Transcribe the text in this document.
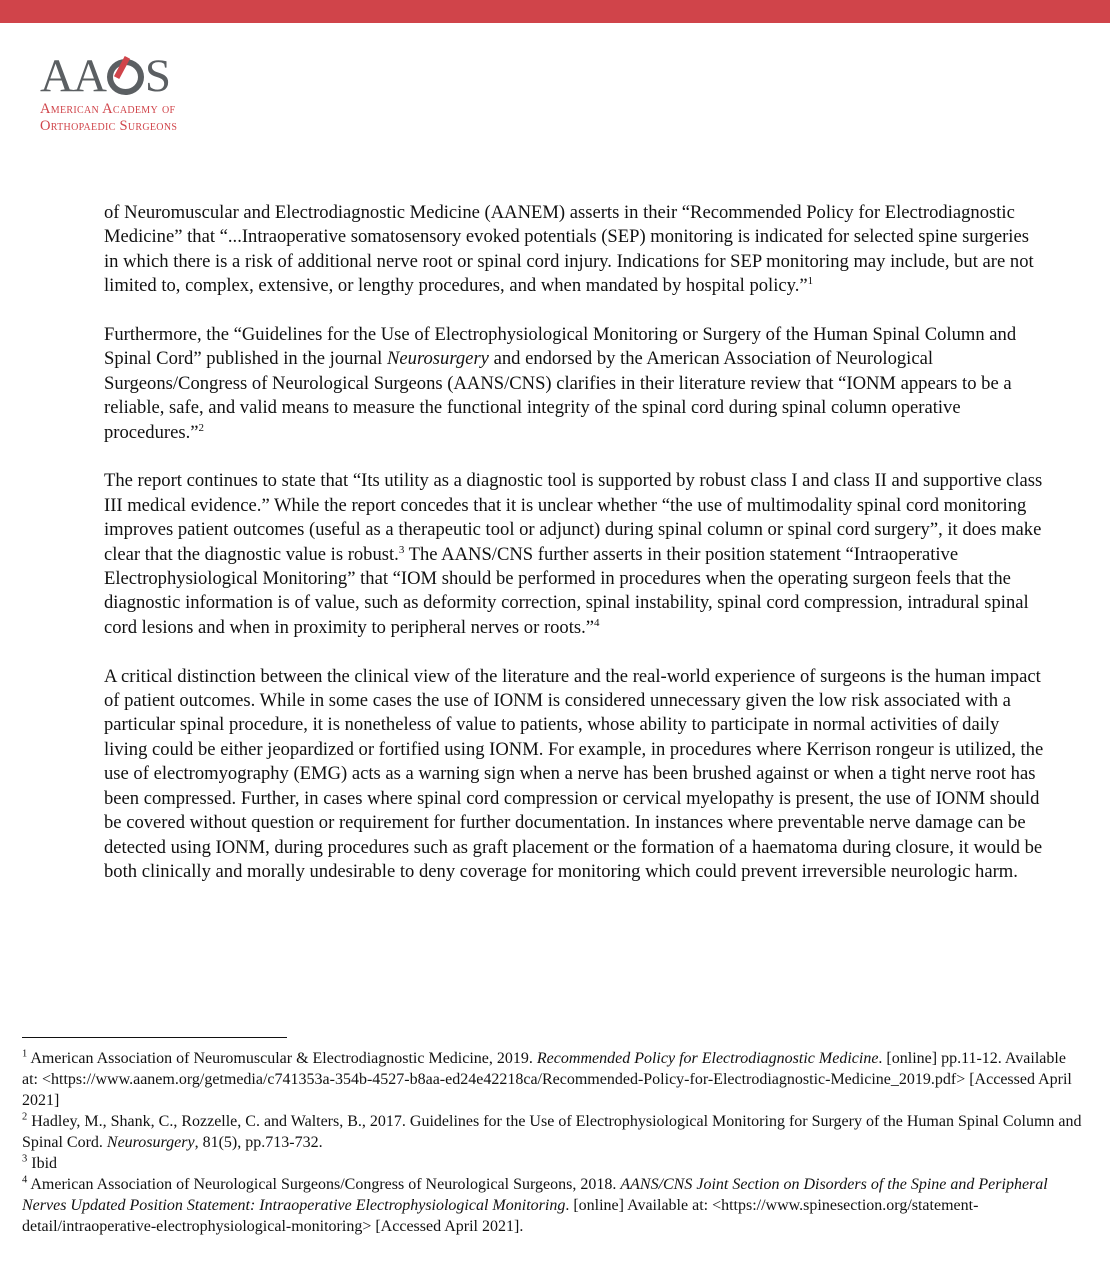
AA S
American Academy of
Orthopaedic Surgeons

of Neuromuscular and Electrodiagnostic Medicine (AANEM) asserts in their “Recommended Policy for Electrodiagnostic Medicine” that “...Intraoperative somatosensory evoked potentials (SEP) monitoring is indicated for selected spine surgeries in which there is a risk of additional nerve root or spinal cord injury. Indications for SEP monitoring may include, but are not limited to, complex, extensive, or lengthy procedures, and when mandated by hospital policy.”$^1$

Furthermore, the “Guidelines for the Use of Electrophysiological Monitoring or Surgery of the Human Spinal Column and Spinal Cord” published in the journal Neurosurgery and endorsed by the American Association of Neurological Surgeons/Congress of Neurological Surgeons (AANS/CNS) clarifies in their literature review that “IONM appears to be a reliable, safe, and valid means to measure the functional integrity of the spinal cord during spinal column operative procedures.”$^2$

The report continues to state that “Its utility as a diagnostic tool is supported by robust class I and class II and supportive class III medical evidence.” While the report concedes that it is unclear whether “the use of multimodality spinal cord monitoring improves patient outcomes (useful as a therapeutic tool or adjunct) during spinal column or spinal cord surgery”, it does make clear that the diagnostic value is robust.$^3$ The AANS/CNS further asserts in their position statement “Intraoperative Electrophysiological Monitoring” that “IOM should be performed in procedures when the operating surgeon feels that the diagnostic information is of value, such as deformity correction, spinal instability, spinal cord compression, intradural spinal cord lesions and when in proximity to peripheral nerves or roots.”$^4$

A critical distinction between the clinical view of the literature and the real-world experience of surgeons is the human impact of patient outcomes. While in some cases the use of IONM is considered unnecessary given the low risk associated with a particular spinal procedure, it is nonetheless of value to patients, whose ability to participate in normal activities of daily living could be either jeopardized or fortified using IONM. For example, in procedures where Kerrison rongeur is utilized, the use of electromyography (EMG) acts as a warning sign when a nerve has been brushed against or when a tight nerve root has been compressed. Further, in cases where spinal cord compression or cervical myelopathy is present, the use of IONM should be covered without question or requirement for further documentation. In instances where preventable nerve damage can be detected using IONM, during procedures such as graft placement or the formation of a haematoma during closure, it would be both clinically and morally undesirable to deny coverage for monitoring which could prevent irreversible neurologic harm.

$^1$ American Association of Neuromuscular & Electrodiagnostic Medicine, 2019. Recommended Policy for Electrodiagnostic Medicine. [online] pp.11-12. Available at: <https://www.aanem.org/getmedia/c741353a-354b-4527-b8aa-ed24e42218ca/Recommended-Policy-for-Electrodiagnostic-Medicine_2019.pdf> [Accessed April 2021]

$^2$ Hadley, M., Shank, C., Rozzelle, C. and Walters, B., 2017. Guidelines for the Use of Electrophysiological Monitoring for Surgery of the Human Spinal Column and Spinal Cord. Neurosurgery, 81(5), pp.713-732.

$^3$ Ibid

$^4$ American Association of Neurological Surgeons/Congress of Neurological Surgeons, 2018. AANS/CNS Joint Section on Disorders of the Spine and Peripheral Nerves Updated Position Statement: Intraoperative Electrophysiological Monitoring. [online] Available at: <https://www.spinesection.org/statement-detail/intraoperative-electrophysiological-monitoring> [Accessed April 2021].
